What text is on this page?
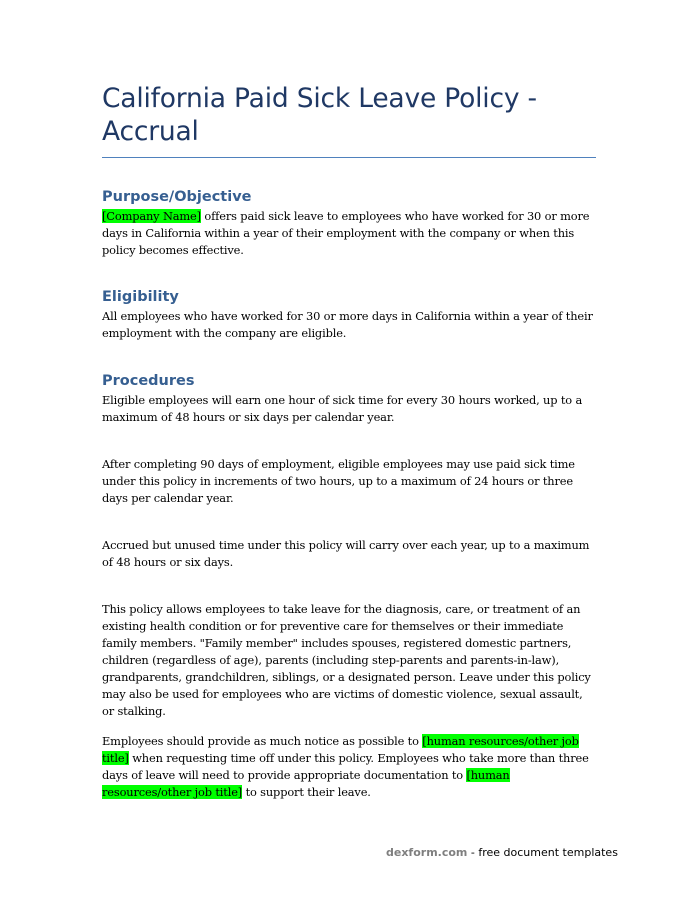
California Paid Sick Leave Policy - Accrual
Purpose/Objective

[Company Name] offers paid sick leave to employees who have worked for 30 or more days in California within a year of their employment with the company or when this policy becomes effective.

Eligibility

All employees who have worked for 30 or more days in California within a year of their employment with the company are eligible.

Procedures

Eligible employees will earn one hour of sick time for every 30 hours worked, up to a maximum of 48 hours or six days per calendar year.

After completing 90 days of employment, eligible employees may use paid sick time under this policy in increments of two hours, up to a maximum of 24 hours or three days per calendar year.

Accrued but unused time under this policy will carry over each year, up to a maximum of 48 hours or six days.

This policy allows employees to take leave for the diagnosis, care, or treatment of an existing health condition or for preventive care for themselves or their immediate family members. "Family member" includes spouses, registered domestic partners, children (regardless of age), parents (including step-parents and parents-in-law), grandparents, grandchildren, siblings, or a designated person. Leave under this policy may also be used for employees who are victims of domestic violence, sexual assault, or stalking.

Employees should provide as much notice as possible to [human resources/other job title] when requesting time off under this policy. Employees who take more than three days of leave will need to provide appropriate documentation to [human resources/other job title] to support their leave.

dexform.com - free document templates
